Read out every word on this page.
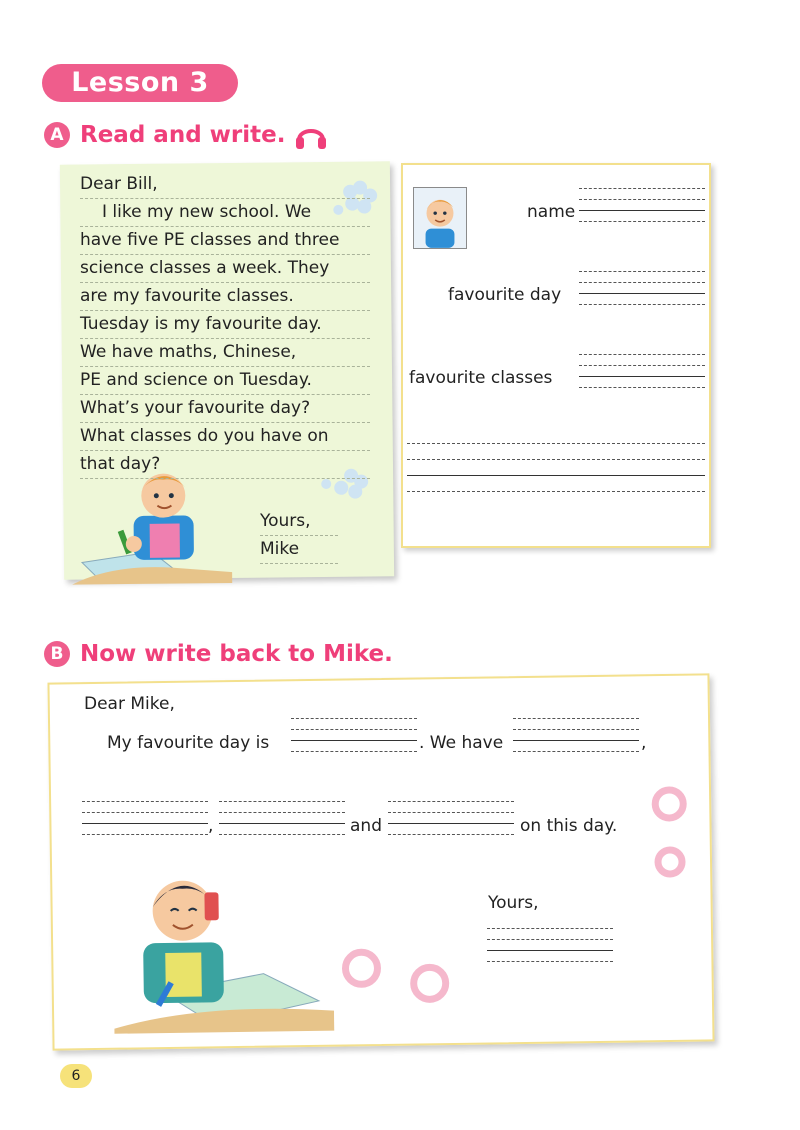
Lesson 3
A Read and write.
Dear Bill,
I like my new school. We
have five PE classes and three
science classes a week. They
are my favourite classes.
Tuesday is my favourite day.
We have maths, Chinese,
PE and science on Tuesday.
What’s your favourite day?
What classes do you have on
that day?
Yours,
Mike
name
favourite day
favourite classes
B Now write back to Mike.
Dear Mike,
My favourite day is	. We have	,
,	and	on this day.
Yours,
6
